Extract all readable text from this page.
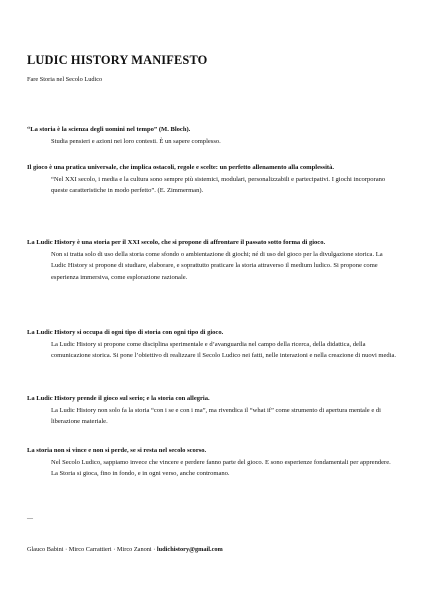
LUDIC HISTORY MANIFESTO
Fare Storia nel Secolo Ludico
“La storia è la scienza degli uomini nel tempo” (M. Bloch).
Studia pensieri e azioni nei loro contesti. È un sapere complesso.
Il gioco è una pratica universale, che implica ostacoli, regole e scelte: un perfetto allenamento alla complessità.
“Nel XXI secolo, i media e la cultura sono sempre più sistemici, modulari, personalizzabili e partecipativi. I giochi incorporano queste caratteristiche in modo perfetto”. (E. Zimmerman).
La Ludic History è una storia per il XXI secolo, che si propone di affrontare il passato sotto forma di gioco.
Non si tratta solo di uso della storia come sfondo o ambientazione di giochi; né di uso del gioco per la divulgazione storica. La Ludic History si propone di studiare, elaborare, e soprattutto praticare la storia attraverso il medium ludico. Si propone come esperienza immersiva, come esplorazione razionale.
La Ludic History si occupa di ogni tipo di storia con ogni tipo di gioco.
La Ludic History si propone come disciplina sperimentale e d’avanguardia nel campo della ricerca, della didattica, della comunicazione storica. Si pone l’obiettivo di realizzare il Secolo Ludico nei fatti, nelle interazioni e nella creazione di nuovi media.
La Ludic History prende il gioco sul serio; e la storia con allegria.
La Ludic History non solo fa la storia “con i se e con i ma”, ma rivendica il “what if” come strumento di apertura mentale e di liberazione materiale.
La storia non si vince e non si perde, se si resta nel secolo scorso.
Nel Secolo Ludico, sappiamo invece che vincere e perdere fanno parte del gioco. E sono esperienze fondamentali per apprendere. La Storia si gioca, fino in fondo, e in ogni verso, anche contromano.
—
Glauco Babini · Mirco Carrattieri · Mirco Zanoni · ludichistory@gmail.com
